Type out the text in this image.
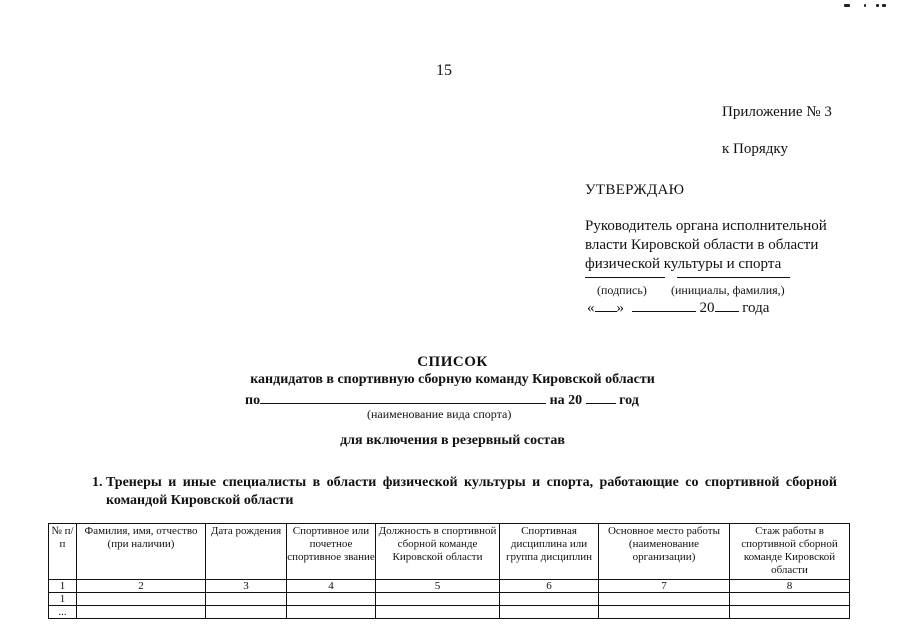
15
Приложение № 3
к Порядку
УТВЕРЖДАЮ
Руководитель органа исполнительной власти Кировской области в области физической культуры и спорта
(подпись) (инициалы, фамилия,)
« »	20 года
СПИСОК
кандидатов в спортивную сборную команду Кировской области
по	на 20	год
(наименование вида спорта)
для включения в резервный состав
1. Тренеры и иные специалисты в области физической культуры и спорта, работающие со спортивной сборной командой Кировской области
№ п/п	Фамилия, имя, отчество (при наличии)	Дата рождения	Спортивное или почетное спортивное звание	Должность в спортивной сборной команде Кировской области	Спортивная дисциплина или группа дисциплин	Основное место работы (наименование организации)	Стаж работы в спортивной сборной команде Кировской области

1	2	3	4	5	6	7	8
1							
...							
